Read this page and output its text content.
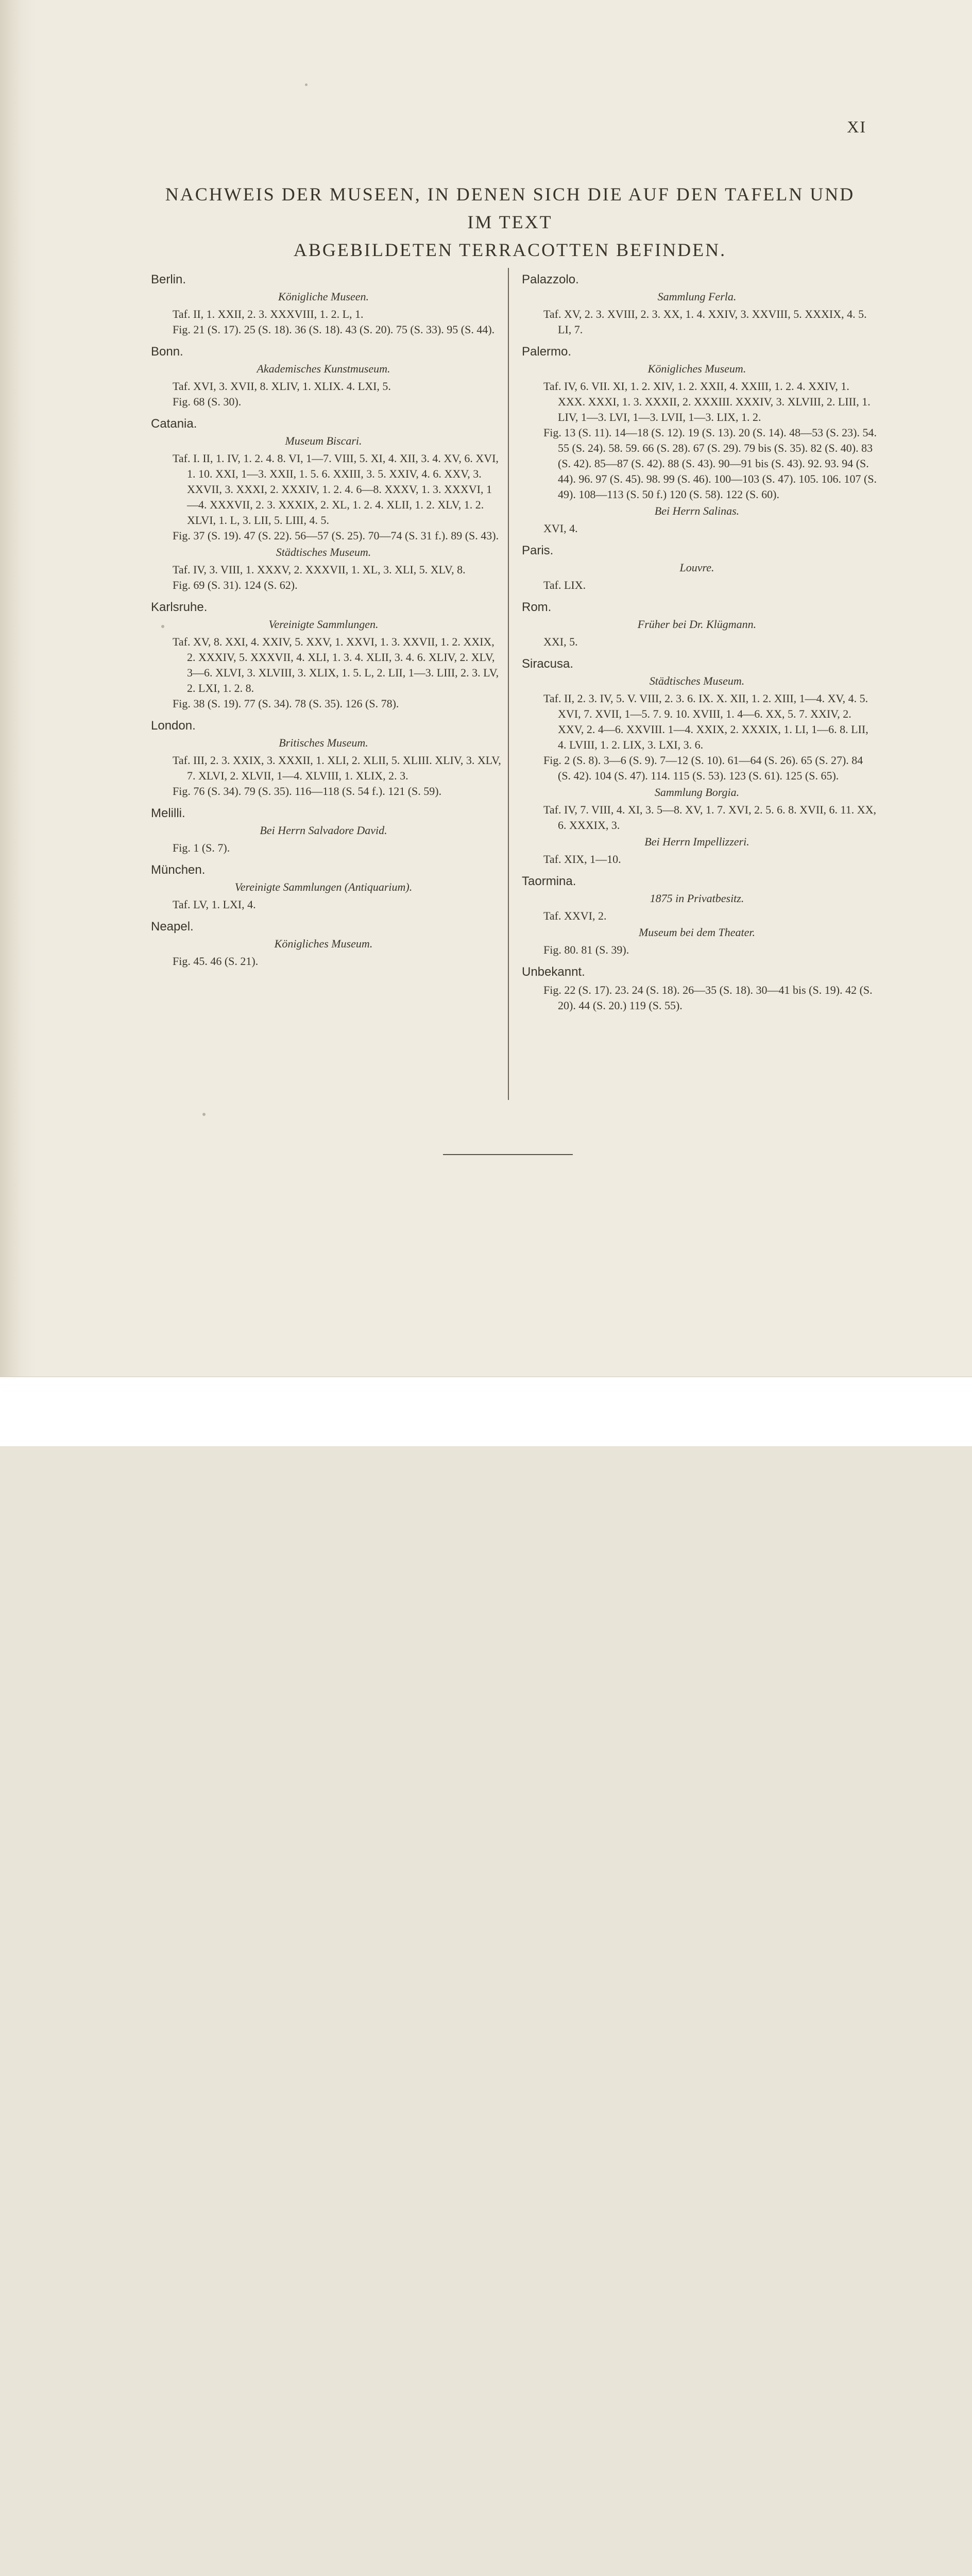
XI
NACHWEIS DER MUSEEN, IN DENEN SICH DIE AUF DEN TAFELN UND IM TEXT
ABGEBILDETEN TERRACOTTEN BEFINDEN.
Berlin.
Königliche Museen.
Taf. II, 1. XXII, 2. 3. XXXVIII, 1. 2. L, 1.
Fig. 21 (S. 17). 25 (S. 18). 36 (S. 18). 43 (S. 20). 75 (S. 33). 95 (S. 44).
Bonn.
Akademisches Kunstmuseum.
Taf. XVI, 3. XVII, 8. XLIV, 1. XLIX. 4. LXI, 5.
Fig. 68 (S. 30).
Catania.
Museum Biscari.
Taf. I. II, 1. IV, 1. 2. 4. 8. VI, 1—7. VIII, 5. XI, 4. XII, 3. 4. XV, 6. XVI, 1. 10. XXI, 1—3. XXII, 1. 5. 6. XXIII, 3. 5. XXIV, 4. 6. XXV, 3. XXVII, 3. XXXI, 2. XXXIV, 1. 2. 4. 6—8. XXXV, 1. 3. XXXVI, 1—4. XXXVII, 2. 3. XXXIX, 2. XL, 1. 2. 4. XLII, 1. 2. XLV, 1. 2. XLVI, 1. L, 3. LII, 5. LIII, 4. 5.
Fig. 37 (S. 19). 47 (S. 22). 56—57 (S. 25). 70—74 (S. 31 f.). 89 (S. 43).
Städtisches Museum.
Taf. IV, 3. VIII, 1. XXXV, 2. XXXVII, 1. XL, 3. XLI, 5. XLV, 8.
Fig. 69 (S. 31). 124 (S. 62).
Karlsruhe.
Vereinigte Sammlungen.
Taf. XV, 8. XXI, 4. XXIV, 5. XXV, 1. XXVI, 1. 3. XXVII, 1. 2. XXIX, 2. XXXIV, 5. XXXVII, 4. XLI, 1. 3. 4. XLII, 3. 4. 6. XLIV, 2. XLV, 3—6. XLVI, 3. XLVIII, 3. XLIX, 1. 5. L, 2. LII, 1—3. LIII, 2. 3. LV, 2. LXI, 1. 2. 8.
Fig. 38 (S. 19). 77 (S. 34). 78 (S. 35). 126 (S. 78).
London.
Britisches Museum.
Taf. III, 2. 3. XXIX, 3. XXXII, 1. XLI, 2. XLII, 5. XLIII. XLIV, 3. XLV, 7. XLVI, 2. XLVII, 1—4. XLVIII, 1. XLIX, 2. 3.
Fig. 76 (S. 34). 79 (S. 35). 116—118 (S. 54 f.). 121 (S. 59).
Melilli.
Bei Herrn Salvadore David.
Fig. 1 (S. 7).
München.
Vereinigte Sammlungen (Antiquarium).
Taf. LV, 1. LXI, 4.
Neapel.
Königliches Museum.
Fig. 45. 46 (S. 21).
Palazzolo.
Sammlung Ferla.
Taf. XV, 2. 3. XVIII, 2. 3. XX, 1. 4. XXIV, 3. XXVIII, 5. XXXIX, 4. 5. LI, 7.
Palermo.
Königliches Museum.
Taf. IV, 6. VII. XI, 1. 2. XIV, 1. 2. XXII, 4. XXIII, 1. 2. 4. XXIV, 1. XXX. XXXI, 1. 3. XXXII, 2. XXXIII. XXXIV, 3. XLVIII, 2. LIII, 1. LIV, 1—3. LVI, 1—3. LVII, 1—3. LIX, 1. 2.
Fig. 13 (S. 11). 14—18 (S. 12). 19 (S. 13). 20 (S. 14). 48—53 (S. 23). 54. 55 (S. 24). 58. 59. 66 (S. 28). 67 (S. 29). 79 bis (S. 35). 82 (S. 40). 83 (S. 42). 85—87 (S. 42). 88 (S. 43). 90—91 bis (S. 43). 92. 93. 94 (S. 44). 96. 97 (S. 45). 98. 99 (S. 46). 100—103 (S. 47). 105. 106. 107 (S. 49). 108—113 (S. 50 f.) 120 (S. 58). 122 (S. 60).
Bei Herrn Salinas.
XVI, 4.
Paris.
Louvre.
Taf. LIX.
Rom.
Früher bei Dr. Klügmann.
XXI, 5.
Siracusa.
Städtisches Museum.
Taf. II, 2. 3. IV, 5. V. VIII, 2. 3. 6. IX. X. XII, 1. 2. XIII, 1—4. XV, 4. 5. XVI, 7. XVII, 1—5. 7. 9. 10. XVIII, 1. 4—6. XX, 5. 7. XXIV, 2. XXV, 2. 4—6. XXVIII. 1—4. XXIX, 2. XXXIX, 1. LI, 1—6. 8. LII, 4. LVIII, 1. 2. LIX, 3. LXI, 3. 6.
Fig. 2 (S. 8). 3—6 (S. 9). 7—12 (S. 10). 61—64 (S. 26). 65 (S. 27). 84 (S. 42). 104 (S. 47). 114. 115 (S. 53). 123 (S. 61). 125 (S. 65).
Sammlung Borgia.
Taf. IV, 7. VIII, 4. XI, 3. 5—8. XV, 1. 7. XVI, 2. 5. 6. 8. XVII, 6. 11. XX, 6. XXXIX, 3.
Bei Herrn Impellizzeri.
Taf. XIX, 1—10.
Taormina.
1875 in Privatbesitz.
Taf. XXVI, 2.
Museum bei dem Theater.
Fig. 80. 81 (S. 39).
Unbekannt.
Fig. 22 (S. 17). 23. 24 (S. 18). 26—35 (S. 18). 30—41 bis (S. 19). 42 (S. 20). 44 (S. 20.) 119 (S. 55).
